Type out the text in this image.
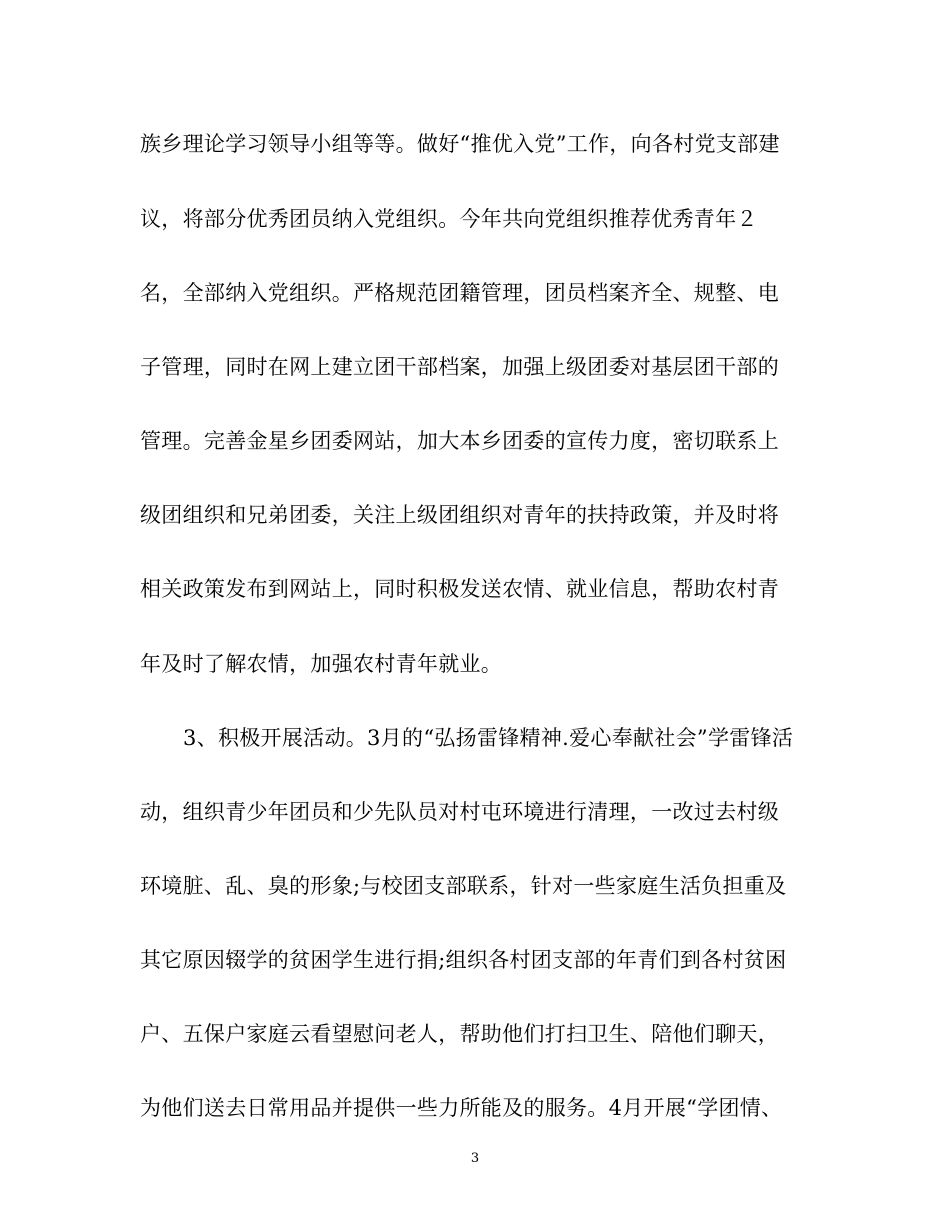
族乡理论学习领导小组等等。做好“推优入党”工作，向各村党支部建
议，将部分优秀团员纳入党组织。今年共向党组织推荐优秀青年２
名，全部纳入党组织。严格规范团籍管理，团员档案齐全、规整、电
子管理，同时在网上建立团干部档案，加强上级团委对基层团干部的
管理。完善金星乡团委网站，加大本乡团委的宣传力度，密切联系上
级团组织和兄弟团委，关注上级团组织对青年的扶持政策，并及时将
相关政策发布到网站上，同时积极发送农情、就业信息，帮助农村青
年及时了解农情，加强农村青年就业。
3、积极开展活动。3月的“弘扬雷锋精神.爱心奉献社会”学雷锋活
动，组织青少年团员和少先队员对村屯环境进行清理，一改过去村级
环境脏、乱、臭的形象;与校团支部联系，针对一些家庭生活负担重及
其它原因辍学的贫困学生进行捐;组织各村团支部的年青们到各村贫困
户、五保户家庭云看望慰问老人，帮助他们打扫卫生、陪他们聊天，
为他们送去日常用品并提供一些力所能及的服务。4月开展“学团情、
3
